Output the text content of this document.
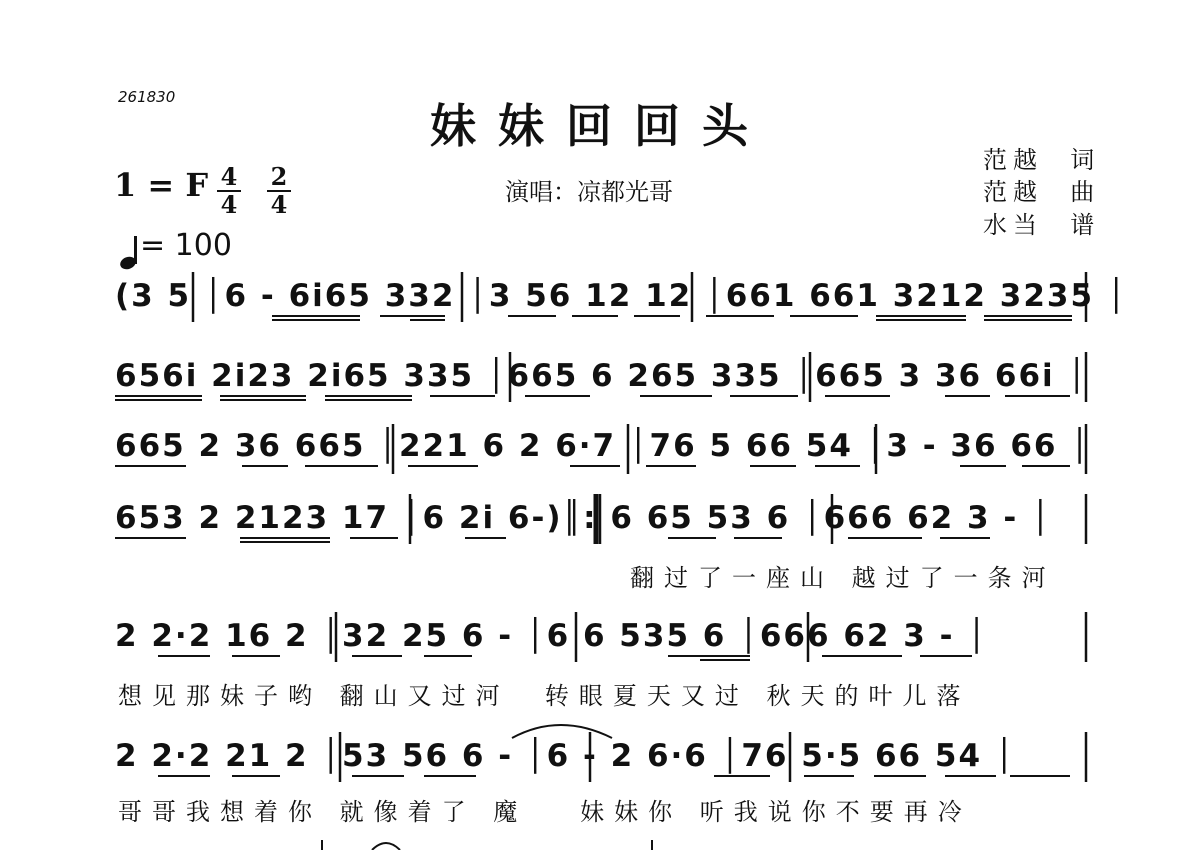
261830
妹妹回回头
1 = F 4
4
2
4	演唱：凉都光哥
范越  词
范越  曲
水当  谱
= 100
(3 5 │6 - 6i65 332 │3 56 12 12 │661 661 3212 3235 │
656i 2i23 2i65 335 │665 6 265 335 │665 3 36 66i │
665 2 36 665 │221 6 2 6·7 │76 5 66 54 │3 - 36 66 │
653 2 2123 17 │6 2i 6-)║: 6 65 53 6 │666 62 3 - │
翻过了一座山 越过了一条河
2 2·2 16 2 │32 25 6 - │6 6 535 6 │666 62 3 - │
想见那妹子哟 翻山又过河  转眼夏天又过 秋天的叶儿落
2 2·2 21 2 │53 56 6 - │6 - 2 6·6 │76 5·5 66 54 │
哥哥我想着你 就像着了 魔   妹妹你 听我说你不要再冷
